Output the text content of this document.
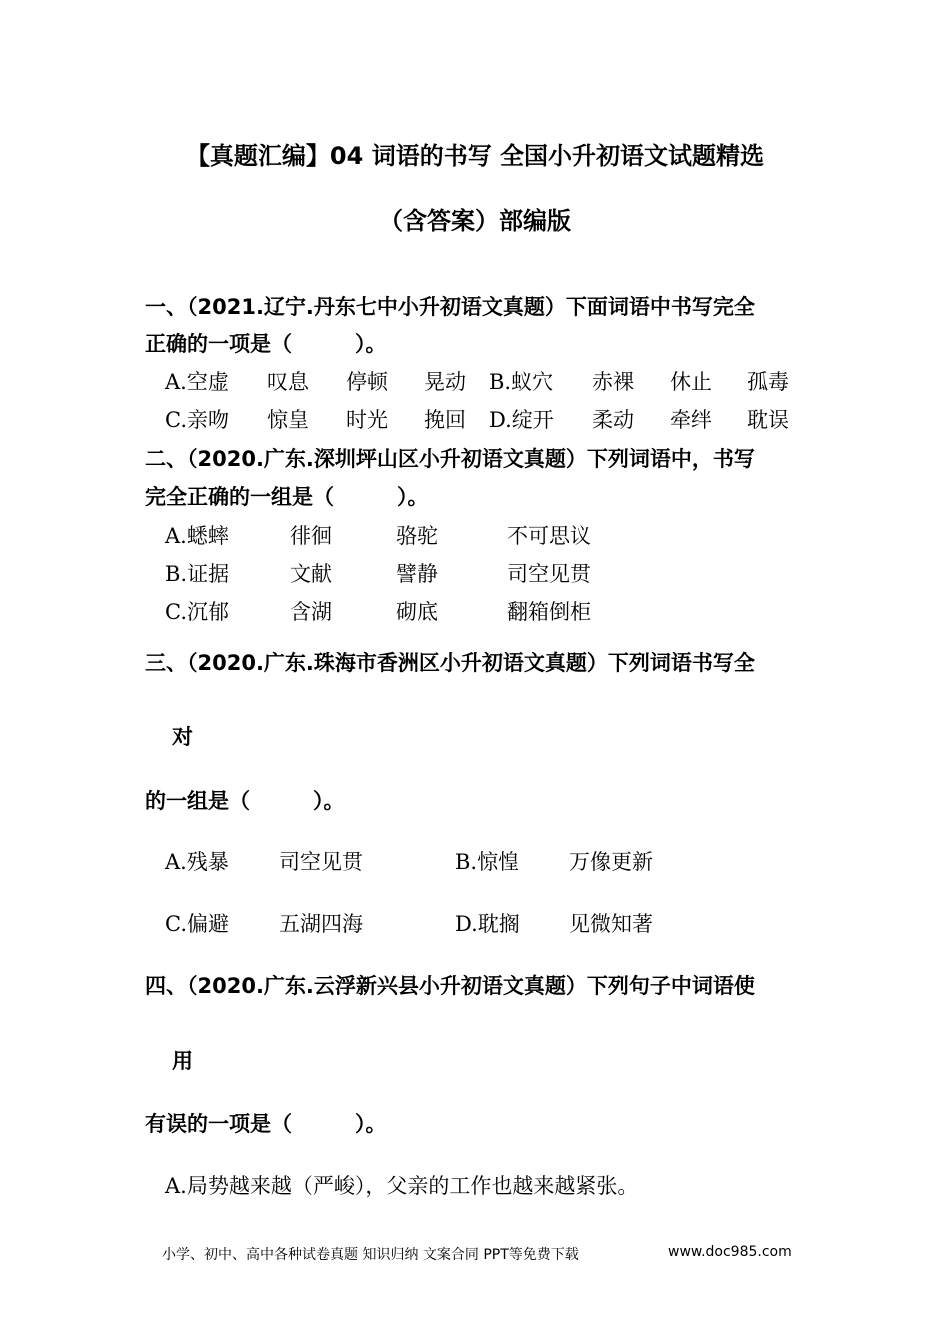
【真题汇编】04 词语的书写 全国小升初语文试题精选
（含答案）部编版
一、（2021.辽宁.丹东七中小升初语文真题）下面词语中书写完全
正确的一项是（　　　）。
A.空虚 叹息 停顿 晃动 B.蚁穴 赤裸 休止 孤毒
C.亲吻 惊皇 时光 挽回 D.绽开 柔动 牵绊 耽误
二、（2020.广东.深圳坪山区小升初语文真题）下列词语中，书写
完全正确的一组是（　　　）。
A.蟋蟀	徘徊	骆驼	不可思议
B.证据	文献	譬静	司空见贯
C.沉郁	含湖	砌底	翻箱倒柜
三、（2020.广东.珠海市香洲区小升初语文真题）下列词语书写全
对
的一组是（　　　）。
A.残暴 司空见贯	B.惊惶 万像更新
C.偏避 五湖四海	D.耽搁 见微知著
四、（2020.广东.云浮新兴县小升初语文真题）下列句子中词语使
用
有误的一项是（　　　）。
A.局势越来越（严峻），父亲的工作也越来越紧张。
小学、初中、高中各种试卷真题 知识归纳 文案合同 PPT等免费下载	www.doc985.com
